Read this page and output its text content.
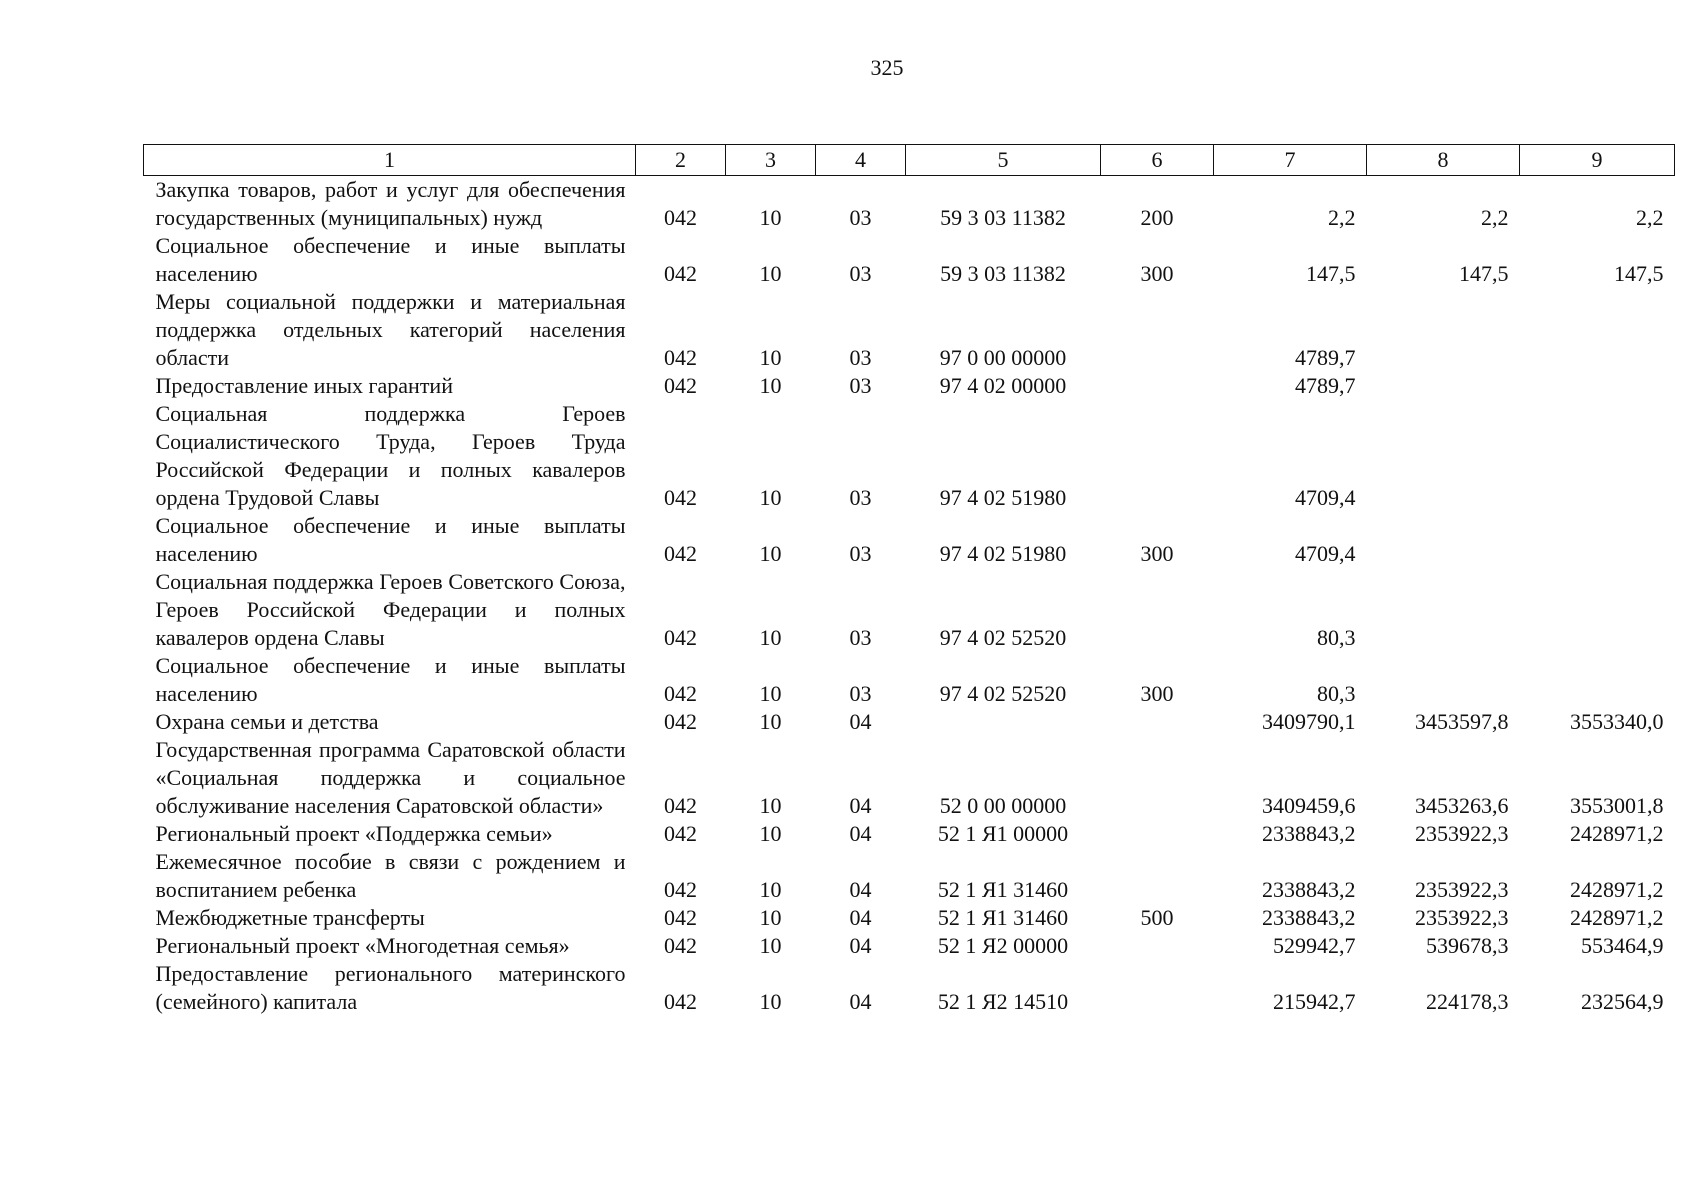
325
1	2	3	4	5	6	7	8	9
Закупка товаров, работ и услуг для обеспечения государственных (муниципальных) нужд	042	10	03	59 3 03 11382	200	2,2	2,2	2,2
Социальное обеспечение и иные выплаты населению	042	10	03	59 3 03 11382	300	147,5	147,5	147,5
Меры социальной поддержки и материальная поддержка отдельных категорий населения области	042	10	03	97 0 00 00000		4789,7		
Предоставление иных гарантий	042	10	03	97 4 02 00000		4789,7		
Социальная поддержка Героев Социалистического Труда, Героев Труда Российской Федерации и полных кавалеров ордена Трудовой Славы	042	10	03	97 4 02 51980		4709,4		
Социальное обеспечение и иные выплаты населению	042	10	03	97 4 02 51980	300	4709,4		
Социальная поддержка Героев Советского Союза, Героев Российской Федерации и полных кавалеров ордена Славы	042	10	03	97 4 02 52520		80,3		
Социальное обеспечение и иные выплаты населению	042	10	03	97 4 02 52520	300	80,3		
Охрана семьи и детства	042	10	04			3409790,1	3453597,8	3553340,0
Государственная программа Саратовской области «Социальная поддержка и социальное обслуживание населения Саратовской области»	042	10	04	52 0 00 00000		3409459,6	3453263,6	3553001,8
Региональный проект «Поддержка семьи»	042	10	04	52 1 Я1 00000		2338843,2	2353922,3	2428971,2
Ежемесячное пособие в связи с рождением и воспитанием ребенка	042	10	04	52 1 Я1 31460		2338843,2	2353922,3	2428971,2
Межбюджетные трансферты	042	10	04	52 1 Я1 31460	500	2338843,2	2353922,3	2428971,2
Региональный проект «Многодетная семья»	042	10	04	52 1 Я2 00000		529942,7	539678,3	553464,9
Предоставление регионального материнского (семейного) капитала	042	10	04	52 1 Я2 14510		215942,7	224178,3	232564,9
